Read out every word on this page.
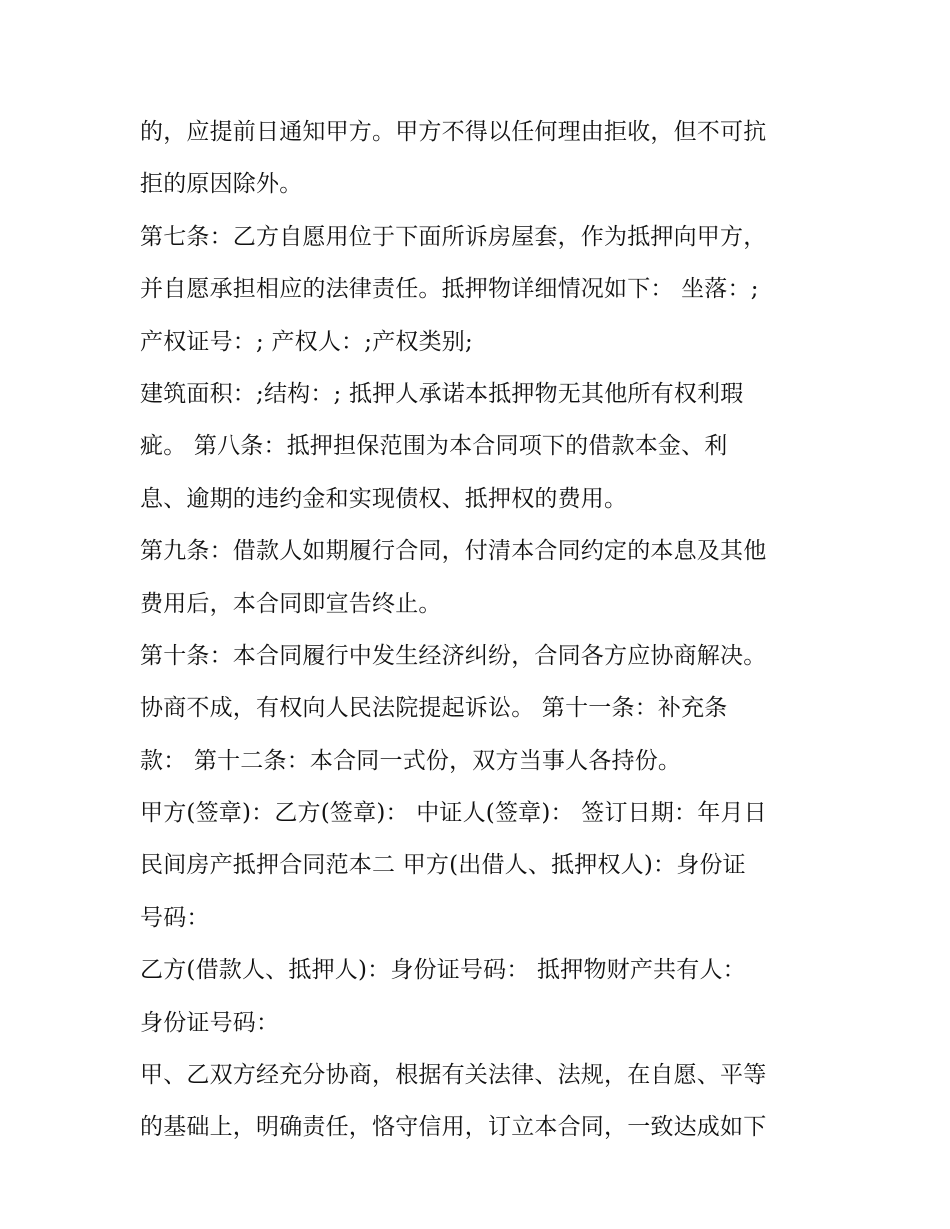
的，应提前日通知甲方。甲方不得以任何理由拒收，但不可抗
拒的原因除外。
第七条：乙方自愿用位于下面所诉房屋套，作为抵押向甲方，
并自愿承担相应的法律责任。抵押物详细情况如下： 坐落：;
产权证号：; 产权人：;产权类别;
建筑面积：;结构：; 抵押人承诺本抵押物无其他所有权利瑕
疵。 第八条：抵押担保范围为本合同项下的借款本金、利
息、逾期的违约金和实现债权、抵押权的费用。
第九条：借款人如期履行合同，付清本合同约定的本息及其他
费用后，本合同即宣告终止。
第十条：本合同履行中发生经济纠纷，合同各方应协商解决。
协商不成，有权向人民法院提起诉讼。 第十一条：补充条
款： 第十二条：本合同一式份，双方当事人各持份。
甲方(签章)：乙方(签章)： 中证人(签章)： 签订日期：年月日
民间房产抵押合同范本二 甲方(出借人、抵押权人)：身份证
号码：
乙方(借款人、抵押人)：身份证号码： 抵押物财产共有人：
身份证号码：
甲、乙双方经充分协商，根据有关法律、法规，在自愿、平等
的基础上，明确责任，恪守信用，订立本合同，一致达成如下
